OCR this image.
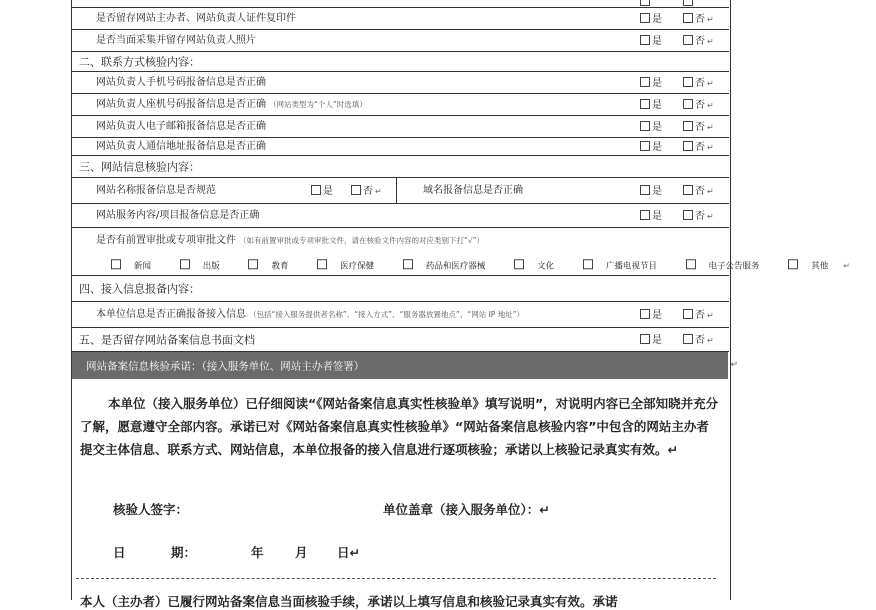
是否留存网站主办者、网站负责人证件复印件	是	否 ↵
是否当面采集并留存网站负责人照片	是	否 ↵
二、联系方式核验内容：
网站负责人手机号码报备信息是否正确	是	否 ↵
网站负责人座机号码报备信息是否正确 （网站类型为“个人”时选填）	是	否 ↵
网站负责人电子邮箱报备信息是否正确	是	否 ↵
网站负责人通信地址报备信息是否正确	是	否 ↵
三、网站信息核验内容：
网站名称报备信息是否规范	是	否 ↵	域名报备信息是否正确	是	否 ↵
网站服务内容/项目报备信息是否正确	是	否 ↵
是否有前置审批或专项审批文件 （如有前置审批或专项审批文件，请在核验文件内容的对应类别下打“√”）
新闻	出版	教育	医疗保健	药品和医疗器械	文化	广播电视节目	电子公告服务	其他 ↵
四、接入信息报备内容：
本单位信息是否正确报备接入信息 （包括“接入服务提供者名称”、“接入方式”、“服务器放置地点”、“网站 IP 地址”）	是	否 ↵
五、是否留存网站备案信息书面文档	是	否 ↵
网站备案信息核验承诺：（接入服务单位、网站主办者签署）	↵
本单位（接入服务单位）已仔细阅读“《网站备案信息真实性核验单》填写说明”，对说明内容已全部知晓并充分了解，愿意遵守全部内容。承诺已对《网站备案信息真实性核验单》“网站备案信息核验内容”中包含的网站主办者提交主体信息、联系方式、网站信息，本单位报备的接入信息进行逐项核验；承诺以上核验记录真实有效。↵
核验人签字：	单位盖章（接入服务单位）：↵
日	期：	年	月 日↵
本人（主办者）已履行网站备案信息当面核验手续，承诺以上填写信息和核验记录真实有效。承诺
